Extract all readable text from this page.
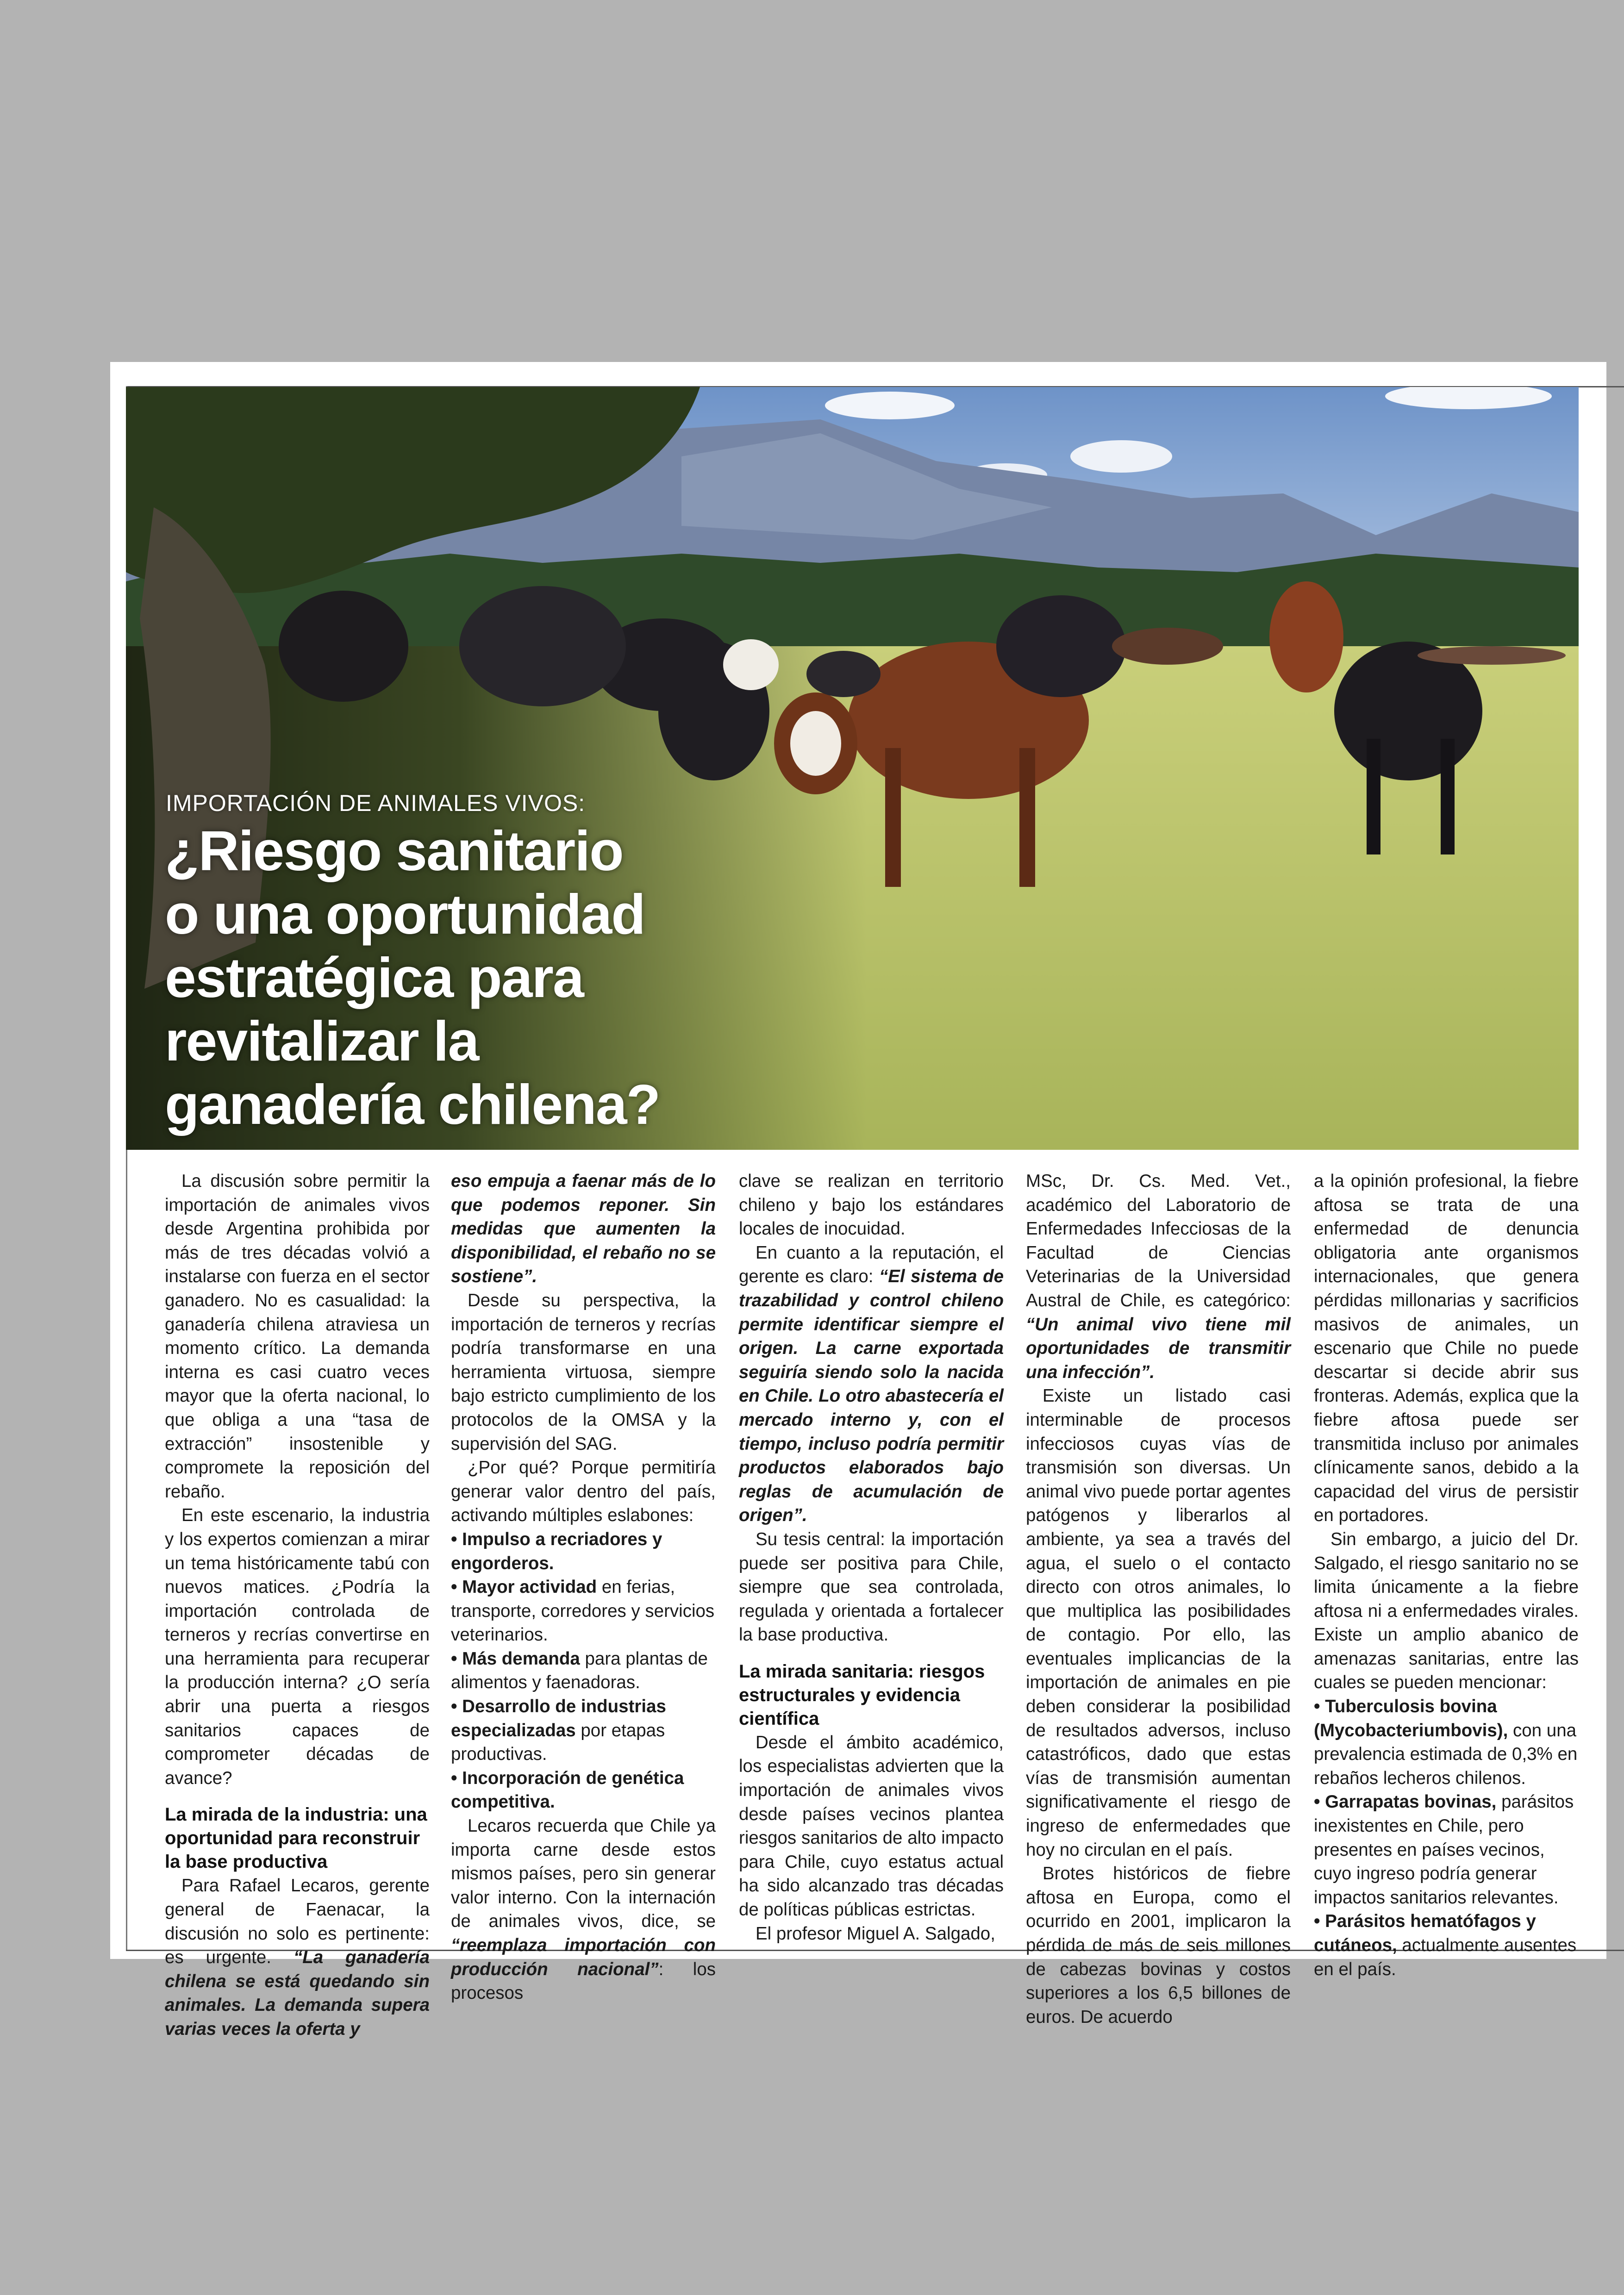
IMPORTACIÓN DE ANIMALES VIVOS:
¿Riesgo sanitario
o una oportunidad
estratégica para
revitalizar la
ganadería chilena?

La discusión sobre permitir la importación de animales vivos desde Argentina prohibida por más de tres décadas volvió a instalarse con fuerza en el sector ganadero. No es casualidad: la ganadería chilena atraviesa un momento crítico. La demanda interna es casi cuatro veces mayor que la oferta nacional, lo que obliga a una “tasa de extracción” insostenible y compromete la reposición del rebaño.

En este escenario, la industria y los expertos comienzan a mirar un tema históricamente tabú con nuevos matices. ¿Podría la importación controlada de terneros y recrías convertirse en una herramienta para recuperar la producción interna? ¿O sería abrir una puerta a riesgos sanitarios capaces de comprometer décadas de avance?

La mirada de la industria: una oportunidad para reconstruir la base productiva

Para Rafael Lecaros, gerente general de Faenacar, la discusión no solo es pertinente: es urgente. “La ganadería chilena se está quedando sin animales. La demanda supera varias veces la oferta y

eso empuja a faenar más de lo que podemos reponer. Sin medidas que aumenten la disponibilidad, el rebaño no se sostiene”.

Desde su perspectiva, la importación de terneros y recrías podría transformarse en una herramienta virtuosa, siempre bajo estricto cumplimiento de los protocolos de la OMSA y la supervisión del SAG.

¿Por qué? Porque permitiría generar valor dentro del país, activando múltiples eslabones:

• Impulso a recriadores y engorderos.

• Mayor actividad en ferias, transporte, corredores y servicios veterinarios.

• Más demanda para plantas de alimentos y faenadoras.

• Desarrollo de industrias especializadas por etapas productivas.

• Incorporación de genética competitiva.

Lecaros recuerda que Chile ya importa carne desde estos mismos países, pero sin generar valor interno. Con la internación de animales vivos, dice, se “reemplaza importación con producción nacional”: los procesos

clave se realizan en territorio chileno y bajo los estándares locales de inocuidad.

En cuanto a la reputación, el gerente es claro: “El sistema de trazabilidad y control chileno permite identificar siempre el origen. La carne exportada seguiría siendo solo la nacida en Chile. Lo otro abastecería el mercado interno y, con el tiempo, incluso podría permitir productos elaborados bajo reglas de acumulación de origen”.

Su tesis central: la importación puede ser positiva para Chile, siempre que sea controlada, regulada y orientada a fortalecer la base productiva.

La mirada sanitaria: riesgos estructurales y evidencia científica

Desde el ámbito académico, los especialistas advierten que la importación de animales vivos desde países vecinos plantea riesgos sanitarios de alto impacto para Chile, cuyo estatus actual ha sido alcanzado tras décadas de políticas públicas estrictas.

El profesor Miguel A. Salgado,

MSc, Dr. Cs. Med. Vet., académico del Laboratorio de Enfermedades Infecciosas de la Facultad de Ciencias Veterinarias de la Universidad Austral de Chile, es categórico: “Un animal vivo tiene mil oportunidades de transmitir una infección”.

Existe un listado casi interminable de procesos infecciosos cuyas vías de transmisión son diversas. Un animal vivo puede portar agentes patógenos y liberarlos al ambiente, ya sea a través del agua, el suelo o el contacto directo con otros animales, lo que multiplica las posibilidades de contagio. Por ello, las eventuales implicancias de la importación de animales en pie deben considerar la posibilidad de resultados adversos, incluso catastróficos, dado que estas vías de transmisión aumentan significativamente el riesgo de ingreso de enfermedades que hoy no circulan en el país.

Brotes históricos de fiebre aftosa en Europa, como el ocurrido en 2001, implicaron la pérdida de más de seis millones de cabezas bovinas y costos superiores a los 6,5 billones de euros. De acuerdo

a la opinión profesional, la fiebre aftosa se trata de una enfermedad de denuncia obligatoria ante organismos internacionales, que genera pérdidas millonarias y sacrificios masivos de animales, un escenario que Chile no puede descartar si decide abrir sus fronteras. Además, explica que la fiebre aftosa puede ser transmitida incluso por animales clínicamente sanos, debido a la capacidad del virus de persistir en portadores.

Sin embargo, a juicio del Dr. Salgado, el riesgo sanitario no se limita únicamente a la fiebre aftosa ni a enfermedades virales. Existe un amplio abanico de amenazas sanitarias, entre las cuales se pueden mencionar:

• Tuberculosis bovina (Mycobacteriumbovis), con una prevalencia estimada de 0,3% en rebaños lecheros chilenos.

• Garrapatas bovinas, parásitos inexistentes en Chile, pero presentes en países vecinos, cuyo ingreso podría generar impactos sanitarios relevantes.

• Parásitos hematófagos y cutáneos, actualmente ausentes en el país.
